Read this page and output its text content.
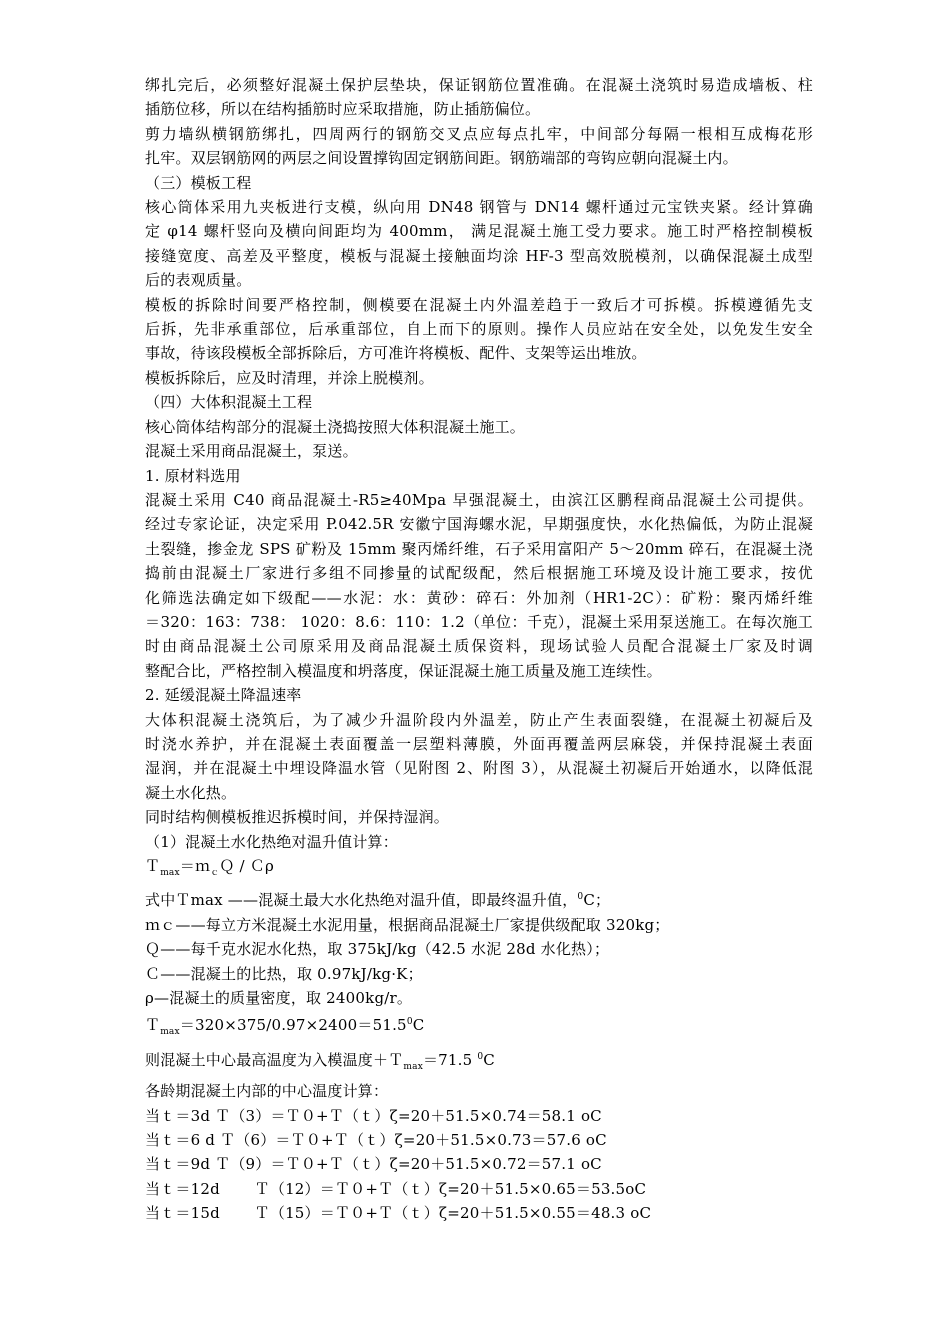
绑扎完后，必须整好混凝土保护层垫块，保证钢筋位置准确。在混凝土浇筑时易造成墙板、柱
插筋位移，所以在结构插筋时应采取措施，防止插筋偏位。
剪力墙纵横钢筋绑扎，四周两行的钢筋交叉点应每点扎牢，中间部分每隔一根相互成梅花形
扎牢。双层钢筋网的两层之间设置撑钩固定钢筋间距。钢筋端部的弯钩应朝向混凝土内。
（三）模板工程
核心筒体采用九夹板进行支模，纵向用 DN48 钢管与 DN14 螺杆通过元宝铁夹紧。经计算确
定 φ14 螺杆竖向及横向间距均为 400mm， 满足混凝土施工受力要求。施工时严格控制模板
接缝宽度、高差及平整度，模板与混凝土接触面均涂 HF-3 型高效脱模剂，以确保混凝土成型
后的表观质量。
模板的拆除时间要严格控制，侧模要在混凝土内外温差趋于一致后才可拆模。拆模遵循先支
后拆，先非承重部位，后承重部位，自上而下的原则。操作人员应站在安全处，以免发生安全
事故，待该段模板全部拆除后，方可准许将模板、配件、支架等运出堆放。
模板拆除后，应及时清理，并涂上脱模剂。
（四）大体积混凝土工程
核心筒体结构部分的混凝土浇捣按照大体积混凝土施工。
混凝土采用商品混凝土，泵送。
1. 原材料选用
混凝土采用 C40 商品混凝土-R5≥40Mpa 早强混凝土，由滨江区鹏程商品混凝土公司提供。
经过专家论证，决定采用 P.042.5R 安徽宁国海螺水泥，早期强度快，水化热偏低，为防止混凝
土裂缝，掺金龙 SPS 矿粉及 15mm 聚丙烯纤维，石子采用富阳产 5～20mm 碎石，在混凝土浇
捣前由混凝土厂家进行多组不同掺量的试配级配，然后根据施工环境及设计施工要求，按优
化筛选法确定如下级配——水泥：水：黄砂：碎石：外加剂（HR1-2C）：矿粉：聚丙烯纤维
＝320：163：738： 1020：8.6：110：1.2（单位：千克），混凝土采用泵送施工。在每次施工
时由商品混凝土公司原采用及商品混凝土质保资料，现场试验人员配合混凝土厂家及时调
整配合比，严格控制入模温度和坍落度，保证混凝土施工质量及施工连续性。
2. 延缓混凝土降温速率
大体积混凝土浇筑后，为了减少升温阶段内外温差，防止产生表面裂缝，在混凝土初凝后及
时浇水养护，并在混凝土表面覆盖一层塑料薄膜，外面再覆盖两层麻袋，并保持混凝土表面
湿润，并在混凝土中埋设降温水管（见附图 2、附图 3），从混凝土初凝后开始通水，以降低混
凝土水化热。
同时结构侧模板推迟拆模时间，并保持湿润。
（1）混凝土水化热绝对温升值计算：
Ｔ$_{max}$＝ｍ$_c$Ｑ / Ｃρ
式中Ｔmax ——混凝土最大水化热绝对温升值，即最终温升值，$^0$C；
ｍｃ——每立方米混凝土水泥用量，根据商品混凝土厂家提供级配取 320kg；
Ｑ——每千克水泥水化热，取 375kJ/kg（42.5 水泥 28d 水化热）；
Ｃ——混凝土的比热，取 0.97kJ/kg·K；
ρ—混凝土的质量密度，取 2400kg/r。
$T_{max}=320\times 375/0.97\times 2400=51.5^0C$
则混凝土中心最高温度为入模温度＋Ｔ$_{max}$＝71.5 $^0$C
各龄期混凝土内部的中心温度计算：
当ｔ＝3d Ｔ（3）＝Ｔ０+Ｔ（ｔ）ζ=20＋51.5×0.74＝58.1 oC
当ｔ＝6 d Ｔ（6）＝Ｔ０+Ｔ（ｔ）ζ=20＋51.5×0.73＝57.6 oC
当ｔ＝9d Ｔ（9）＝Ｔ０+Ｔ（ｔ）ζ=20＋51.5×0.72＝57.1 oC
当ｔ＝12d       Ｔ（12）＝Ｔ０+Ｔ（ｔ）ζ=20＋51.5×0.65＝53.5oC
当ｔ＝15d       Ｔ（15）＝Ｔ０+Ｔ（ｔ）ζ=20＋51.5×0.55＝48.3 oC
